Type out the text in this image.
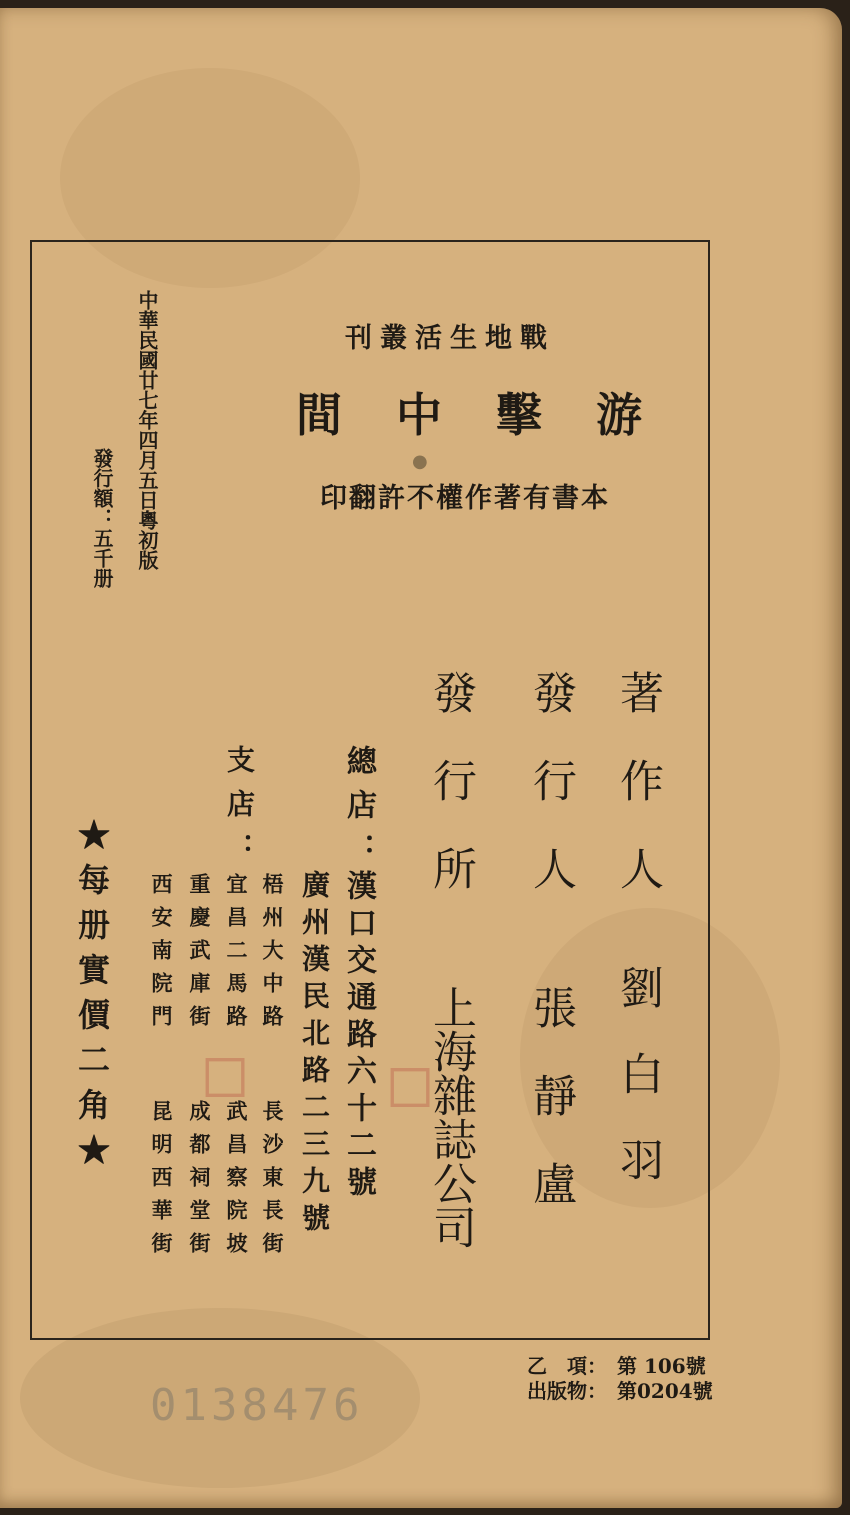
◻ ◻
0138476
中華民國廿七年四月五日粵初版
發行額：五千册
戰地生活叢刊
游擊中間
●
本書有著作權不許翻印
著作人
劉白羽
發行人
張靜盧
發行所
上海雜誌公司
總店：
漢口交通路六十二號
支店：
廣州漢民北路二三九號
梧州大中路
長沙東長街
宜昌二馬路
武昌察院坡
重慶武庫街
成都祠堂街
西安南院門
昆明西華街
★每册實價二角★
乙　項： 第 106號
出版物： 第0204號
